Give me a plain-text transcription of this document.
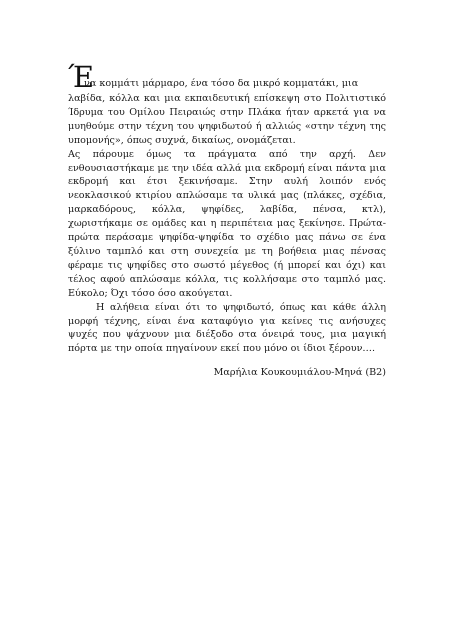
Έ
να κομμάτι μάρμαρο, ένα τόσο δα μικρό κομματάκι, μια

λαβίδα, κόλλα και μια εκπαιδευτική επίσκεψη στο Πολιτιστικό Ίδρυμα του Ομίλου Πειραιώς στην Πλάκα ήταν αρκετά για να μυηθούμε στην τέχνη του ψηφιδωτού ή αλλιώς «στην τέχνη της υπομονής», όπως συχνά, δικαίως, ονομάζεται.

Ας πάρουμε όμως τα πράγματα από την αρχή. Δεν ενθουσιαστήκαμε με την ιδέα αλλά μια εκδρομή είναι πάντα μια εκδρομή και έτσι ξεκινήσαμε. Στην αυλή λοιπόν ενός νεοκλασικού κτιρίου απλώσαμε τα υλικά μας (πλάκες, σχέδια, μαρκαδόρους, κόλλα, ψηφίδες, λαβίδα, πένσα, κτλ), χωριστήκαμε σε ομάδες και η περιπέτεια μας ξεκίνησε. Πρώτα-πρώτα περάσαμε ψηφίδα-ψηφίδα το σχέδιο μας πάνω σε ένα ξύλινο ταμπλό και στη συνεχεία με τη βοήθεια μιας πένσας φέραμε τις ψηφίδες στο σωστό μέγεθος (ή μπορεί και όχι) και τέλος αφού απλώσαμε κόλλα, τις κολλήσαμε στο ταμπλό μας. Εύκολο; Όχι τόσο όσο ακούγεται.

Η αλήθεια είναι ότι το ψηφιδωτό, όπως και κάθε άλλη μορφή τέχνης, είναι ένα καταφύγιο για κείνες τις ανήσυχες ψυχές που ψάχνουν μια διέξοδο στα όνειρά τους, μια μαγική πόρτα με την οποία πηγαίνουν εκεί που μόνο οι ίδιοι ξέρουν….

Μαρήλια Κουκουμιάλου-Μηνά (Β2)
